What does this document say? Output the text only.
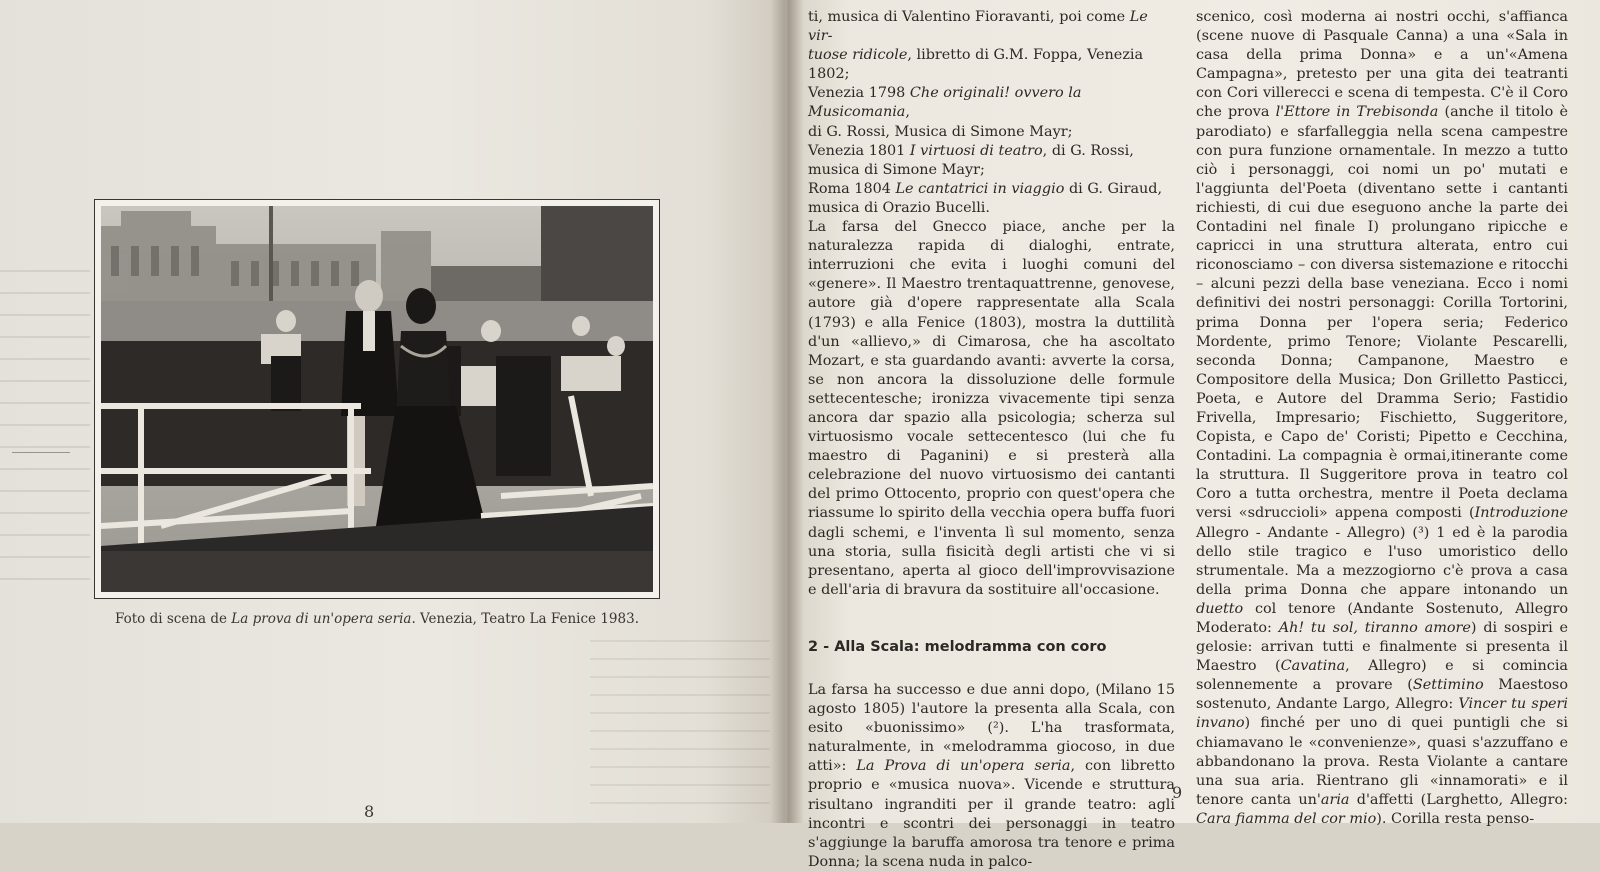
Foto di scena de La prova di un'opera seria. Venezia, Teatro La Fenice 1983.
8

ti, musica di Valentino Fioravanti, poi come Le vir-

tuose ridicole, libretto di G.M. Foppa, Venezia

1802;

Venezia 1798 Che originali! ovvero la Musicomania,

di G. Rossi, Musica di Simone Mayr;

Venezia 1801 I virtuosi di teatro, di G. Rossi,

musica di Simone Mayr;

Roma 1804 Le cantatrici in viaggio di G. Giraud,

musica di Orazio Bucelli.

La farsa del Gnecco piace, anche per la naturalezza rapida di dialoghi, entrate, interruzioni che evita i luoghi comuni del «genere». Il Maestro trentaquattrenne, genovese, autore già d'opere rappresentate alla Scala (1793) e alla Fenice (1803), mostra la duttilità d'un «allievo,» di Cimarosa, che ha ascoltato Mozart, e sta guardando avanti: avverte la corsa, se non ancora la dissoluzione delle formule settecentesche; ironizza vivacemente tipi senza ancora dar spazio alla psicologia; scherza sul virtuosismo vocale settecentesco (lui che fu maestro di Paganini) e si presterà alla celebrazione del nuovo virtuosismo dei cantanti del primo Ottocento, proprio con quest'opera che riassume lo spirito della vecchia opera buffa fuori dagli schemi, e l'inventa lì sul momento, senza una storia, sulla fisicità degli artisti che vi si presentano, aperta al gioco dell'improvvisazione e dell'aria di bravura da sostituire all'occasione.

2 - Alla Scala: melodramma con coro

La farsa ha successo e due anni dopo, (Milano 15 agosto 1805) l'autore la presenta alla Scala, con esito «buonissimo» (²). L'ha trasformata, naturalmente, in «melodramma giocoso, in due atti»: La Prova di un'opera seria, con libretto proprio e «musica nuova». Vicende e struttura risultano ingranditi per il grande teatro: agli incontri e scontri dei personaggi in teatro s'aggiunge la baruffa amorosa tra tenore e prima Donna; la scena nuda in palco-

scenico, così moderna ai nostri occhi, s'affianca (scene nuove di Pasquale Canna) a una «Sala in casa della prima Donna» e a un'«Amena Campagna», pretesto per una gita dei teatranti con Cori villerecci e scena di tempesta. C'è il Coro che prova l'Ettore in Trebisonda (anche il titolo è parodiato) e sfarfalleggia nella scena campestre con pura funzione ornamentale. In mezzo a tutto ciò i personaggi, coi nomi un po' mutati e l'aggiunta del'Poeta (diventano sette i cantanti richiesti, di cui due eseguono anche la parte dei Contadini nel finale I) prolungano ripicche e capricci in una struttura alterata, entro cui riconosciamo – con diversa sistemazione e ritocchi – alcuni pezzi della base veneziana. Ecco i nomi definitivi dei nostri personaggi: Corilla Tortorini, prima Donna per l'opera seria; Federico Mordente, primo Tenore; Violante Pescarelli, seconda Donna; Campanone, Maestro e Compositore della Musica; Don Grilletto Pasticci, Poeta, e Autore del Dramma Serio; Fastidio Frivella, Impresario; Fischietto, Suggeritore, Copista, e Capo de' Coristi; Pipetto e Cecchina, Contadini. La compagnia è ormai,itinerante come la struttura. Il Suggeritore prova in teatro col Coro a tutta orchestra, mentre il Poeta declama versi «sdruccioli» appena composti (Introduzione Allegro - Andante - Allegro) (³) 1 ed è la parodia dello stile tragico e l'uso umoristico dello strumentale. Ma a mezzogiorno c'è prova a casa della prima Donna che appare intonando un duetto col tenore (Andante Sostenuto, Allegro Moderato: Ah! tu sol, tiranno amore) di sospiri e gelosie: arrivan tutti e finalmente si presenta il Maestro (Cavatina, Allegro) e si comincia solennemente a provare (Settimino Maestoso sostenuto, Andante Largo, Allegro: Vincer tu speri invano) finché per uno di quei puntigli che si chiamavano le «convenienze», quasi s'azzuffano e abbandonano la prova. Resta Violante a cantare una sua aria. Rientrano gli «innamorati» e il tenore canta un'aria d'affetti (Larghetto, Allegro: Cara fiamma del cor mio). Corilla resta penso-

9
